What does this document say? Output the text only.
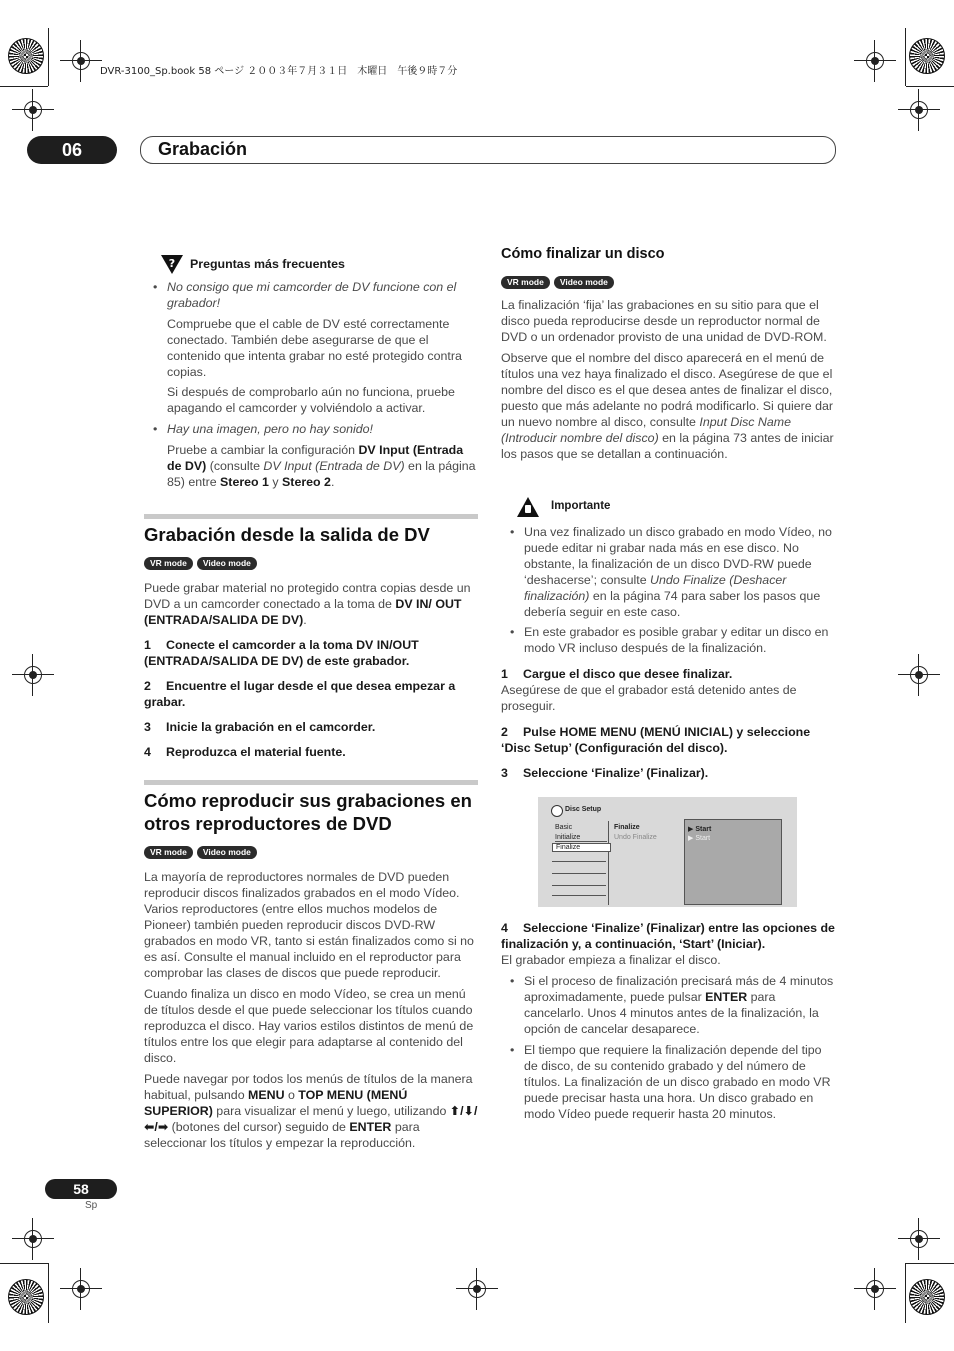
DVR-3100_Sp.book 58 ページ ２００３年７月３１日　木曜日　午後９時７分
06	Grabación
? Preguntas más frecuentes
• No consigo que mi camcorder de DV funcione con el grabador!

Compruebe que el cable de DV esté correctamente conectado. También debe asegurarse de que el contenido que intenta grabar no esté protegido contra copias.

Si después de comprobarlo aún no funciona, pruebe apagando el camcorder y volviéndolo a activar.

• Hay una imagen, pero no hay sonido!

Pruebe a cambiar la configuración DV Input (Entrada de DV) (consulte DV Input (Entrada de DV) en la página 85) entre Stereo 1 y Stereo 2.

Grabación desde la salida de DV

VR mode Video mode

Puede grabar material no protegido contra copias desde un DVD a un camcorder conectado a la toma de DV IN/ OUT (ENTRADA/SALIDA DE DV).

1 Conecte el camcorder a la toma DV IN/OUT (ENTRADA/SALIDA DE DV) de este grabador.

2 Encuentre el lugar desde el que desea empezar a grabar.

3 Inicie la grabación en el camcorder.

4 Reproduzca el material fuente.

Cómo reproducir sus grabaciones en otros reproductores de DVD

VR mode Video mode

La mayoría de reproductores normales de DVD pueden reproducir discos finalizados grabados en el modo Vídeo. Varios reproductores (entre ellos muchos modelos de Pioneer) también pueden reproducir discos DVD-RW grabados en modo VR, tanto si están finalizados como si no es así. Consulte el manual incluido en el reproductor para comprobar las clases de discos que puede reproducir.

Cuando finaliza un disco en modo Vídeo, se crea un menú de títulos desde el que puede seleccionar los títulos cuando reproduzca el disco. Hay varios estilos distintos de menú de títulos entre los que elegir para adaptarse al contenido del disco.

Puede navegar por todos los menús de títulos de la manera habitual, pulsando MENU o TOP MENU (MENÚ SUPERIOR) para visualizar el menú y luego, utilizando ⬆/⬇/⬅/➡ (botones del cursor) seguido de ENTER para seleccionar los títulos y empezar la reproducción.

Cómo finalizar un disco

VR mode Video mode

La finalización ‘fija’ las grabaciones en su sitio para que el disco pueda reproducirse desde un reproductor normal de DVD o un ordenador provisto de una unidad de DVD-ROM.

Observe que el nombre del disco aparecerá en el menú de títulos una vez haya finalizado el disco. Asegúrese de que el nombre del disco es el que desea antes de finalizar el disco, puesto que más adelante no podrá modificarlo. Si quiere dar un nuevo nombre al disco, consulte Input Disc Name (Introducir nombre del disco) en la página 73 antes de iniciar los pasos que se detallan a continuación.

Importante
• Una vez finalizado un disco grabado en modo Vídeo, no puede editar ni grabar nada más en ese disco. No obstante, la finalización de un disco DVD-RW puede ‘deshacerse’; consulte Undo Finalize (Deshacer finalización) en la página 74 para saber los pasos que debería seguir en este caso.

• En este grabador es posible grabar y editar un disco en modo VR incluso después de la finalización.

1 Cargue el disco que desee finalizar.

Asegúrese de que el grabador está detenido antes de proseguir.

2 Pulse HOME MENU (MENÚ INICIAL) y seleccione ‘Disc Setup’ (Configuración del disco).

3 Seleccione ‘Finalize’ (Finalizar).

Disc Setup
Basic
Initialize
Finalize
Finalize
Undo Finalize
▶ Start
▶ Start

4 Seleccione ‘Finalize’ (Finalizar) entre las opciones de finalización y, a continuación, ‘Start’ (Iniciar).

El grabador empieza a finalizar el disco.

• Si el proceso de finalización precisará más de 4 minutos aproximadamente, puede pulsar ENTER para cancelarlo. Unos 4 minutos antes de la finalización, la opción de cancelar desaparece.

• El tiempo que requiere la finalización depende del tipo de disco, de su contenido grabado y del número de títulos. La finalización de un disco grabado en modo VR puede precisar hasta una hora. Un disco grabado en modo Vídeo puede requerir hasta 20 minutos.

58
Sp
